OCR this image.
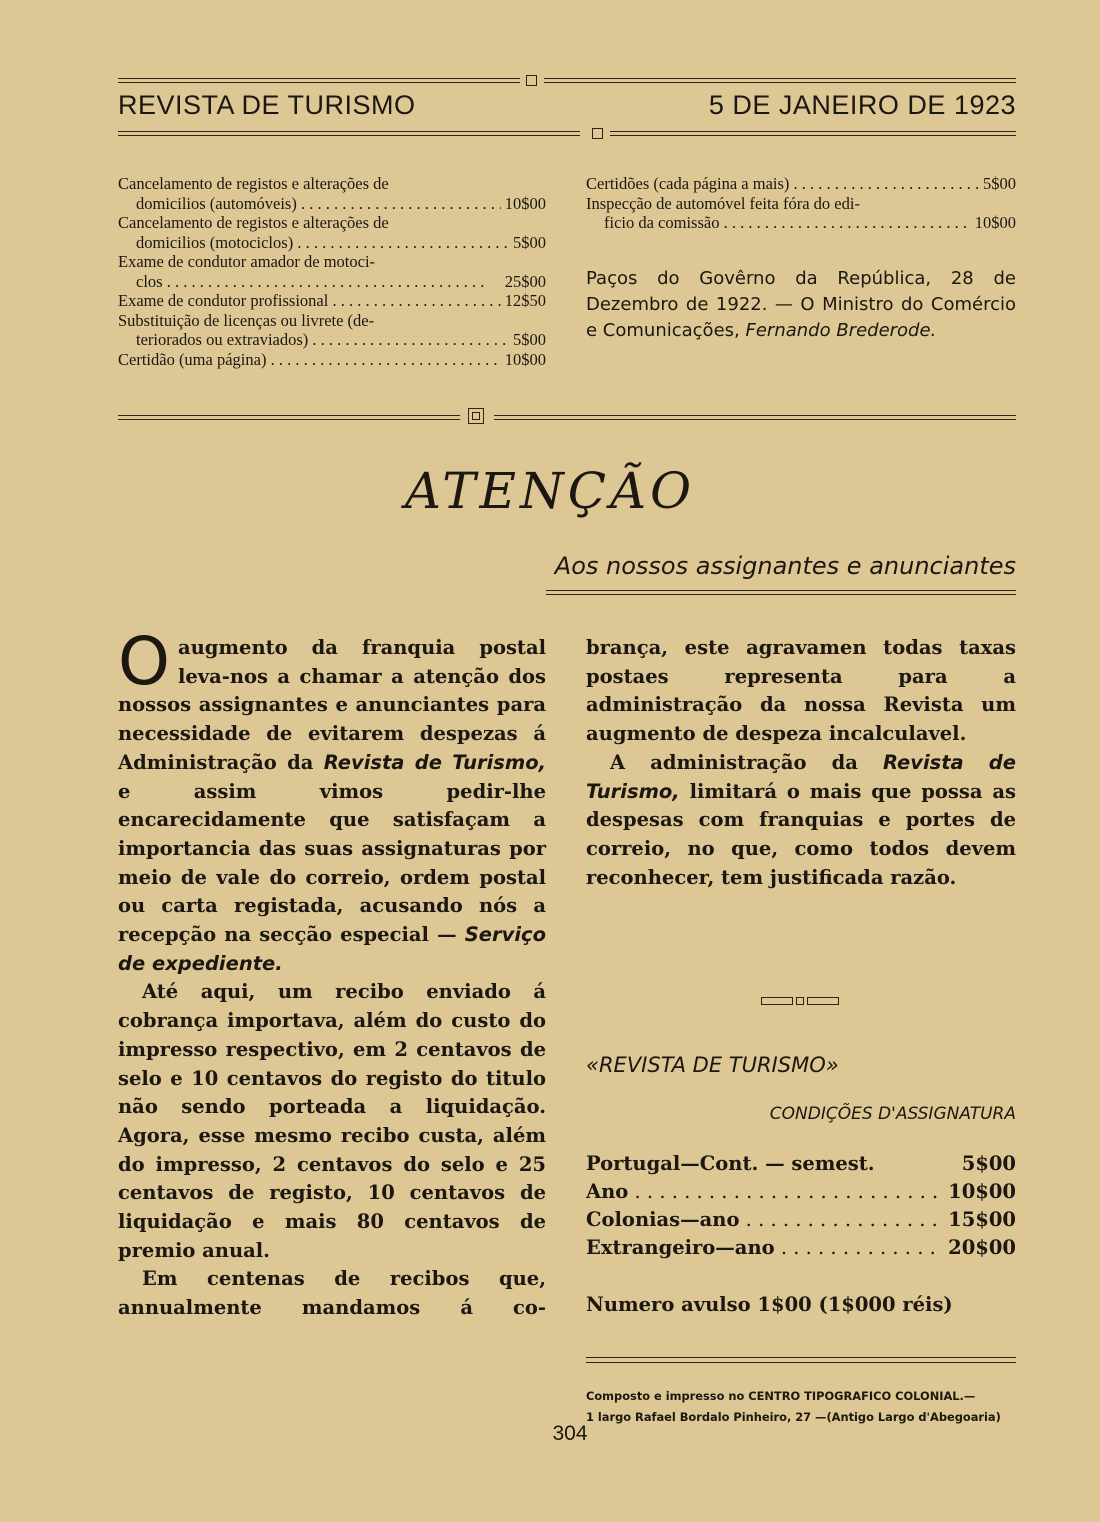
REVISTA DE TURISMO	5 DE JANEIRO DE 1923
Cancelamento de registos e alterações de
domicilios (automóveis) . . .	10$00
Cancelamento de registos e alterações de
domicilios (motociclos) . . .	5$00
Exame de condutor amador de motoci-
clos . . .	25$00
Exame de condutor profissional . . .	12$50
Substituição de licenças ou livrete (de-
teriorados ou extraviados) . . .	5$00
Certidão (uma página) . . .	10$00
Certidões (cada página a mais) . . .	5$00
Inspecção de automóvel feita fóra do edi-
ficio da comissão . . .	10$00
Paços do Govêrno da República, 28 de Dezembro de 1922. — O Ministro do Comércio e Comunicações, Fernando Brederode.
ATENÇÃO
Aos nossos assignantes e anunciantes

Oaugmento da franquia postal leva-nos a chamar a atenção dos nossos assignantes e anunciantes para necessidade de evitarem despezas á Administração da Revista de Turismo, e assim vimos pedir-lhe encarecidamente que satisfaçam a importancia das suas assignaturas por meio de vale do correio, ordem postal ou carta registada, acusando nós a recepção na secção especial — Serviço de expediente.

Até aqui, um recibo enviado á cobrança importava, além do custo do impresso respectivo, em 2 centavos de selo e 10 centavos do registo do titulo não sendo porteada a liquidação. Agora, esse mesmo recibo custa, além do impresso, 2 centavos do selo e 25 centavos de registo, 10 centavos de liquidação e mais 80 centavos de premio anual.

Em centenas de recibos que, annualmente mandamos á co-

brança, este agravamen todas taxas postaes representa para a administração da nossa Revista um augmento de despeza incalculavel.

A administração da Revista de Turismo, limitará o mais que possa as despesas com franquias e portes de correio, no que, como todos devem reconhecer, tem justificada razão.

«REVISTA DE TURISMO»
CONDIÇÕES D'ASSIGNATURA
Portugal—Cont. — semest.	5$00
Ano . . .	10$00
Colonias—ano . . .	15$00
Extrangeiro—ano . . .	20$00
Numero avulso 1$00 (1$000 réis)
Composto e impresso no CENTRO TIPOGRAFICO COLONIAL.—
1 largo Rafael Bordalo Pinheiro, 27 —(Antigo Largo d'Abegoaria)
304
